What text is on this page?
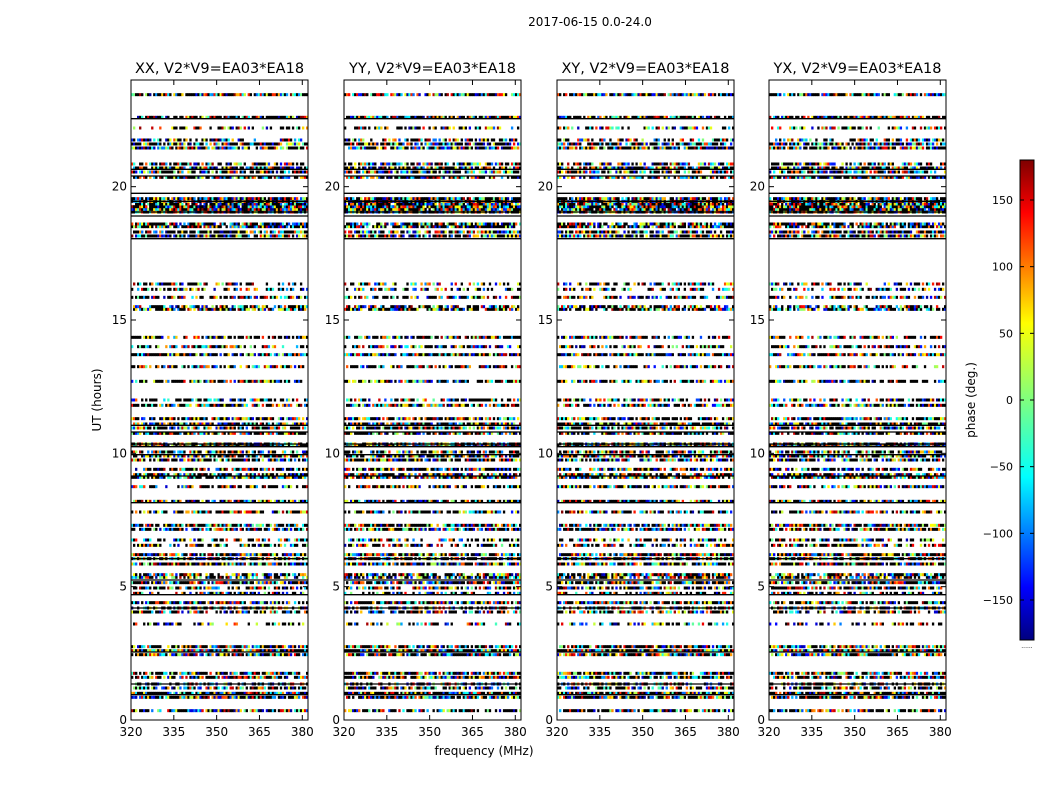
2017-06-15 0.0-24.0
320 335 350 365 380
0
5
10
15
20
XX, V2*V9=EA03*EA18
320 335 350 365 380
0
5
10
15
20
YY, V2*V9=EA03*EA18
320 335 350 365 380
0
5
10
15
20
XY, V2*V9=EA03*EA18
320 335 350 365 380
0
5
10
15
20
YX, V2*V9=EA03*EA18
frequency (MHz)
UT (hours)
−150
−100
−50
0
50
100
150
phase (deg.)
......
